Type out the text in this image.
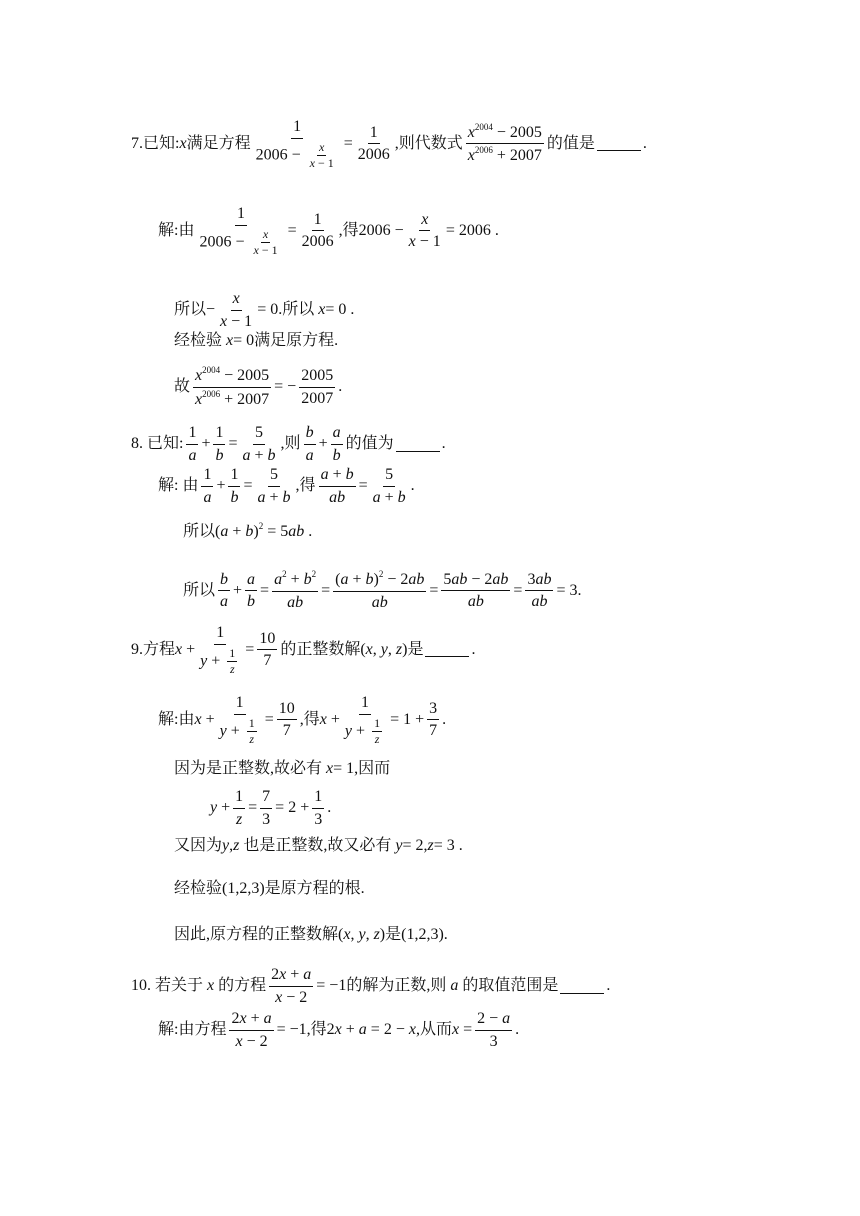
7.已知: x 满足方程 $\frac{1}{2006 - \frac{x}{x - 1}} = \frac{1}{2006}$ ,则代数式 $\frac{x^{2004} - 2005}{x^{2006} + 2007}$ 的值是	.
解:由 $\frac{1}{2006 - \frac{x}{x - 1}} = \frac{1}{2006}$ ,得 $2006 - \frac{x}{x - 1} = 2006$ .
所以 − $\frac{x}{x - 1} = 0$ .所以 x = 0 .
经检验 x = 0 满足原方程.
故 $\frac{x^{2004} - 2005}{x^{2006} + 2007}$ = − $\frac{2005}{2007}$ .
8. 已知: $\frac{1}{a} + \frac{1}{b} = \frac{5}{a + b}$ ,则 $\frac{b}{a} + \frac{a}{b}$ 的值为	.
解: 由 $\frac{1}{a} + \frac{1}{b} = \frac{5}{a + b}$ ,得 $\frac{a + b}{ab} = \frac{5}{a + b}$ .
所以 $(a + b)^2 = 5ab$ .
所以 $\frac{b}{a} + \frac{a}{b} = \frac{a^2 + b^2}{ab} = \frac{(a + b)^2 - 2ab}{ab} = \frac{5ab - 2ab}{ab} = \frac{3ab}{ab} = 3$.
9.方程 $x + \frac{1}{y + \frac{1}{z}} = \frac{10}{7}$ 的正整数解 (x, y, z) 是	.
解:由 $x + \frac{1}{y + \frac{1}{z}} = \frac{10}{7}$ ,得 $x + \frac{1}{y + \frac{1}{z}} = 1 + \frac{3}{7}$ .
因为是正整数,故必有 x = 1 ,因而
$y + \frac{1}{z} = \frac{7}{3} = 2 + \frac{1}{3}$ .
又因为 y , z 也是正整数,故又必有 y = 2, z = 3 .
经检验 (1,2,3) 是原方程的根.
因此,原方程的正整数解 (x, y, z) 是 (1,2,3).
10. 若关于 x 的方程 $\frac{2x + a}{x - 2} = -1$ 的解为正数,则 a 的取值范围是	.
解:由方程 $\frac{2x + a}{x - 2} = -1$ ,得 2x + a = 2 − x ,从而 $x = \frac{2 - a}{3}$ .
